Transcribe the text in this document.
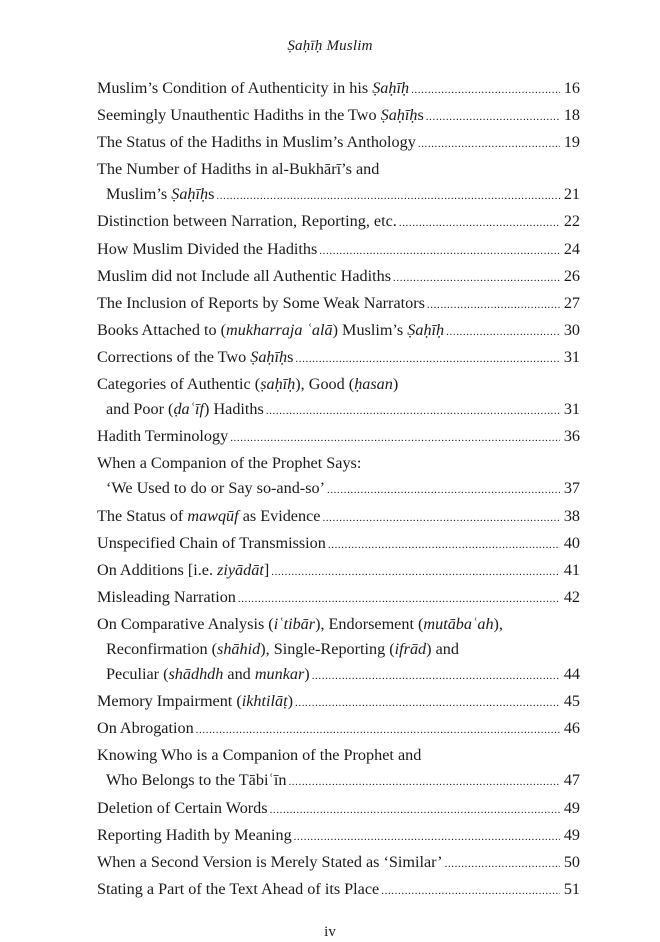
Ṣaḥīḥ Muslim
Muslim’s Condition of Authenticity in his Ṣaḥīḥ .....	16
Seemingly Unauthentic Hadiths in the Two Ṣaḥīḥs .....	18
The Status of the Hadiths in Muslim’s Anthology .....	19
The Number of Hadiths in al-Bukhārī’s and
Muslim’s Ṣaḥīḥs .....	21
Distinction between Narration, Reporting, etc. .....	22
How Muslim Divided the Hadiths .....	24
Muslim did not Include all Authentic Hadiths .....	26
The Inclusion of Reports by Some Weak Narrators .....	27
Books Attached to (mukharraja ʿalā) Muslim’s Ṣaḥīḥ .....	30
Corrections of the Two Ṣaḥīḥs .....	31
Categories of Authentic (ṣaḥīḥ), Good (ḥasan)
and Poor (ḍaʿīf) Hadiths .....	31
Hadith Terminology .....	36
When a Companion of the Prophet Says:
‘We Used to do or Say so-and-so’ .....	37
The Status of mawqūf as Evidence .....	38
Unspecified Chain of Transmission .....	40
On Additions [i.e. ziyādāt] .....	41
Misleading Narration .....	42
On Comparative Analysis (iʿtibār), Endorsement (mutābaʿah),
Reconfirmation (shāhid), Single-Reporting (ifrād) and
Peculiar (shādhdh and munkar) .....	44
Memory Impairment (ikhtilāṭ) .....	45
On Abrogation .....	46
Knowing Who is a Companion of the Prophet and
Who Belongs to the Tābiʿīn .....	47
Deletion of Certain Words .....	49
Reporting Hadith by Meaning .....	49
When a Second Version is Merely Stated as ‘Similar’ .....	50
Stating a Part of the Text Ahead of its Place .....	51
iv
